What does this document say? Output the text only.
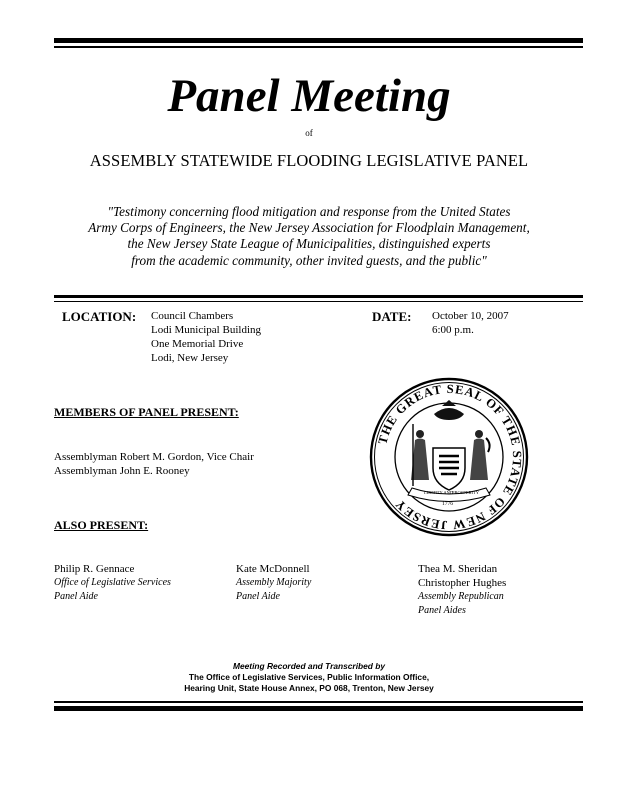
Panel Meeting
of
ASSEMBLY STATEWIDE FLOODING LEGISLATIVE PANEL
"Testimony concerning flood mitigation and response from the United States
Army Corps of Engineers, the New Jersey Association for Floodplain Management,
the New Jersey State League of Municipalities, distinguished experts
from the academic community, other invited guests, and the public"
LOCATION: Council Chambers
Lodi Municipal Building
One Memorial Drive
Lodi, New Jersey
DATE: October 10, 2007
6:00 p.m.
MEMBERS OF PANEL PRESENT:
Assemblyman Robert M. Gordon, Vice Chair
Assemblyman John E. Rooney
THE GREAT SEAL OF THE STATE OF NEW JERSEY
LIBERTY AND
PROSPERITY
1776
ALSO PRESENT:
Philip R. Gennace
Office of Legislative Services
Panel Aide
Kate McDonnell
Assembly Majority
Panel Aide
Thea M. Sheridan
Christopher Hughes
Assembly Republican
Panel Aides
Meeting Recorded and Transcribed by
The Office of Legislative Services, Public Information Office,
Hearing Unit, State House Annex, PO 068, Trenton, New Jersey
